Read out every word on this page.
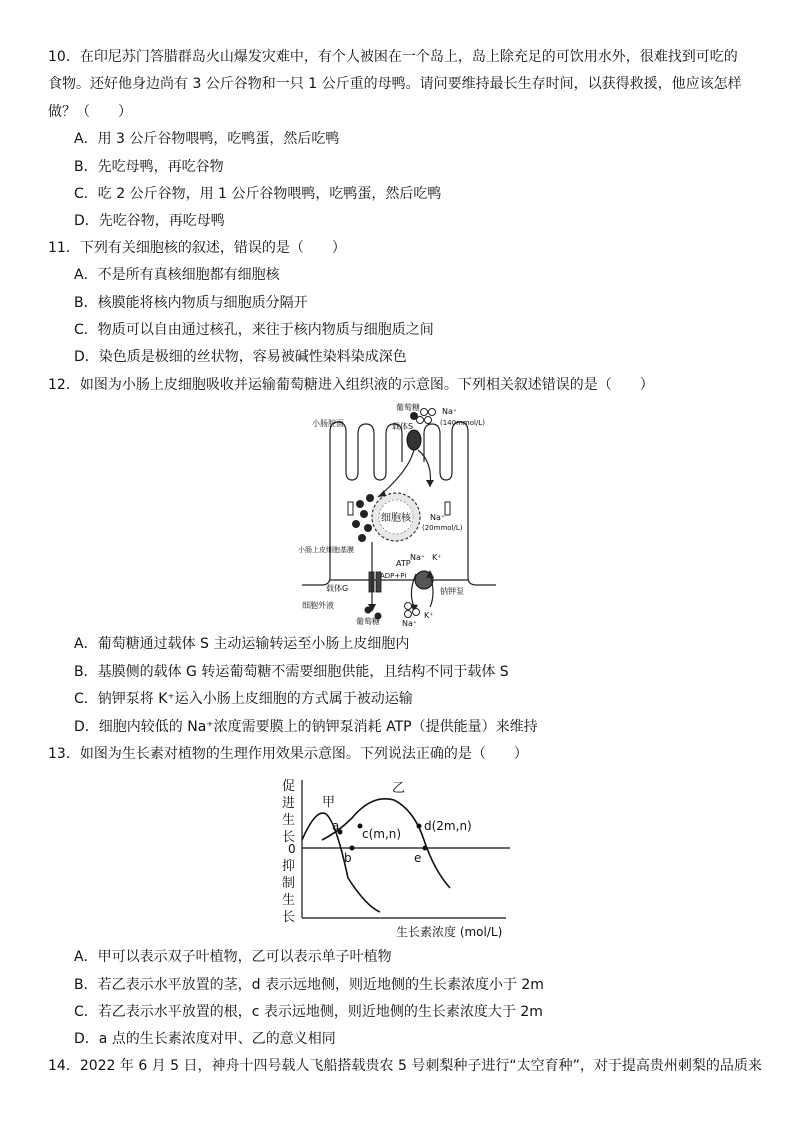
10．在印尼苏门答腊群岛火山爆发灾难中，有个人被困在一个岛上，岛上除充足的可饮用水外，很难找到可吃的
食物。还好他身边尚有 3 公斤谷物和一只 1 公斤重的母鸭。请问要维持最长生存时间，以获得救援，他应该怎样
做？（　　）
A．用 3 公斤谷物喂鸭，吃鸭蛋，然后吃鸭
B．先吃母鸭，再吃谷物
C．吃 2 公斤谷物，用 1 公斤谷物喂鸭，吃鸭蛋，然后吃鸭
D．先吃谷物，再吃母鸭
11．下列有关细胞核的叙述，错误的是（　　）
A．不是所有真核细胞都有细胞核
B．核膜能将核内物质与细胞质分隔开
C．物质可以自由通过核孔，来往于核内物质与细胞质之间
D．染色质是极细的丝状物，容易被碱性染料染成深色
12．如图为小肠上皮细胞吸收并运输葡萄糖进入组织液的示意图。下列相关叙述错误的是（　　）
细胞核
小肠腔面
葡萄糖
载体S
Na⁺
(140mmol/L)
Na⁺
(20mmol/L)
小肠上皮细胞基膜
ATP
ADP+Pi
Na⁺ K⁺
载体G	钠钾泵
细胞外液
葡萄糖	Na⁺
K⁺
A．葡萄糖通过载体 S 主动运输转运至小肠上皮细胞内
B．基膜侧的载体 G 转运葡萄糖不需要细胞供能，且结构不同于载体 S
C．钠钾泵将 K⁺运入小肠上皮细胞的方式属于被动运输
D．细胞内较低的 Na⁺浓度需要膜上的钠钾泵消耗 ATP（提供能量）来维持
13．如图为生长素对植物的生理作用效果示意图。下列说法正确的是（　　）
促
进
生
长
0
抑
制
生
长
甲
乙
a
b
c(m,n)
d(2m,n)
e
生长素浓度 (mol/L)
A．甲可以表示双子叶植物，乙可以表示单子叶植物
B．若乙表示水平放置的茎，d 表示远地侧，则近地侧的生长素浓度小于 2m
C．若乙表示水平放置的根，c 表示远地侧，则近地侧的生长素浓度大于 2m
D．a 点的生长素浓度对甲、乙的意义相同
14．2022 年 6 月 5 日，神舟十四号载人飞船搭载贵农 5 号刺梨种子进行“太空育种”，对于提高贵州刺梨的品质来
